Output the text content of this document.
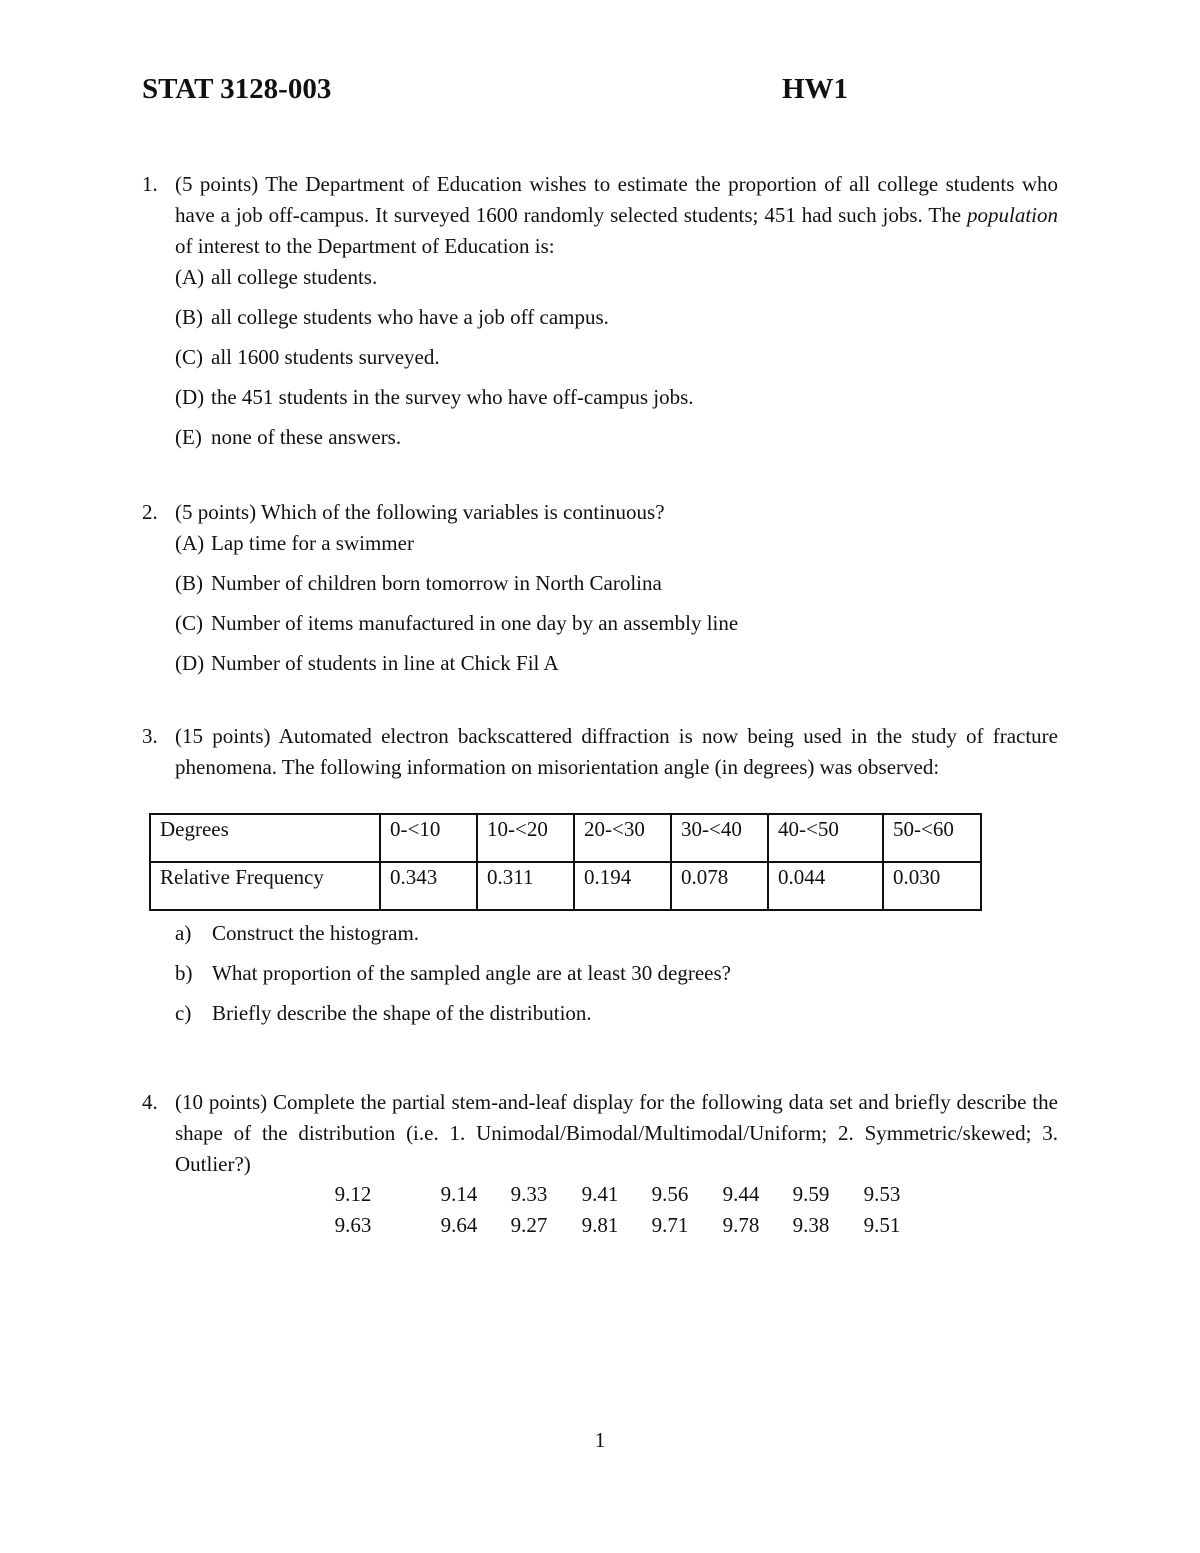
STAT 3128-003	HW1
1. (5 points) The Department of Education wishes to estimate the proportion of all college students who have a job off-campus. It surveyed 1600 randomly selected students; 451 had such jobs. The population of interest to the Department of Education is:
(A) all college students.
(B) all college students who have a job off campus.
(C) all 1600 students surveyed.
(D) the 451 students in the survey who have off-campus jobs.
(E) none of these answers.
2. (5 points) Which of the following variables is continuous?
(A) Lap time for a swimmer
(B) Number of children born tomorrow in North Carolina
(C) Number of items manufactured in one day by an assembly line
(D) Number of students in line at Chick Fil A
3. (15 points) Automated electron backscattered diffraction is now being used in the study of fracture phenomena. The following information on misorientation angle (in degrees) was observed:
Degrees	0-<10	10-<20	20-<30	30-<40	40-<50	50-<60
Relative Frequency	0.343	0.311	0.194	0.078	0.044	0.030
a) Construct the histogram.
b) What proportion of the sampled angle are at least 30 degrees?
c) Briefly describe the shape of the distribution.
4. (10 points) Complete the partial stem-and-leaf display for the following data set and briefly describe the shape of the distribution (i.e. 1. Unimodal/Bimodal/Multimodal/Uniform; 2. Symmetric/skewed; 3. Outlier?)
9.12	9.14	9.33	9.41	9.56	9.44	9.59	9.53
9.63	9.64	9.27	9.81	9.71	9.78	9.38	9.51
1
